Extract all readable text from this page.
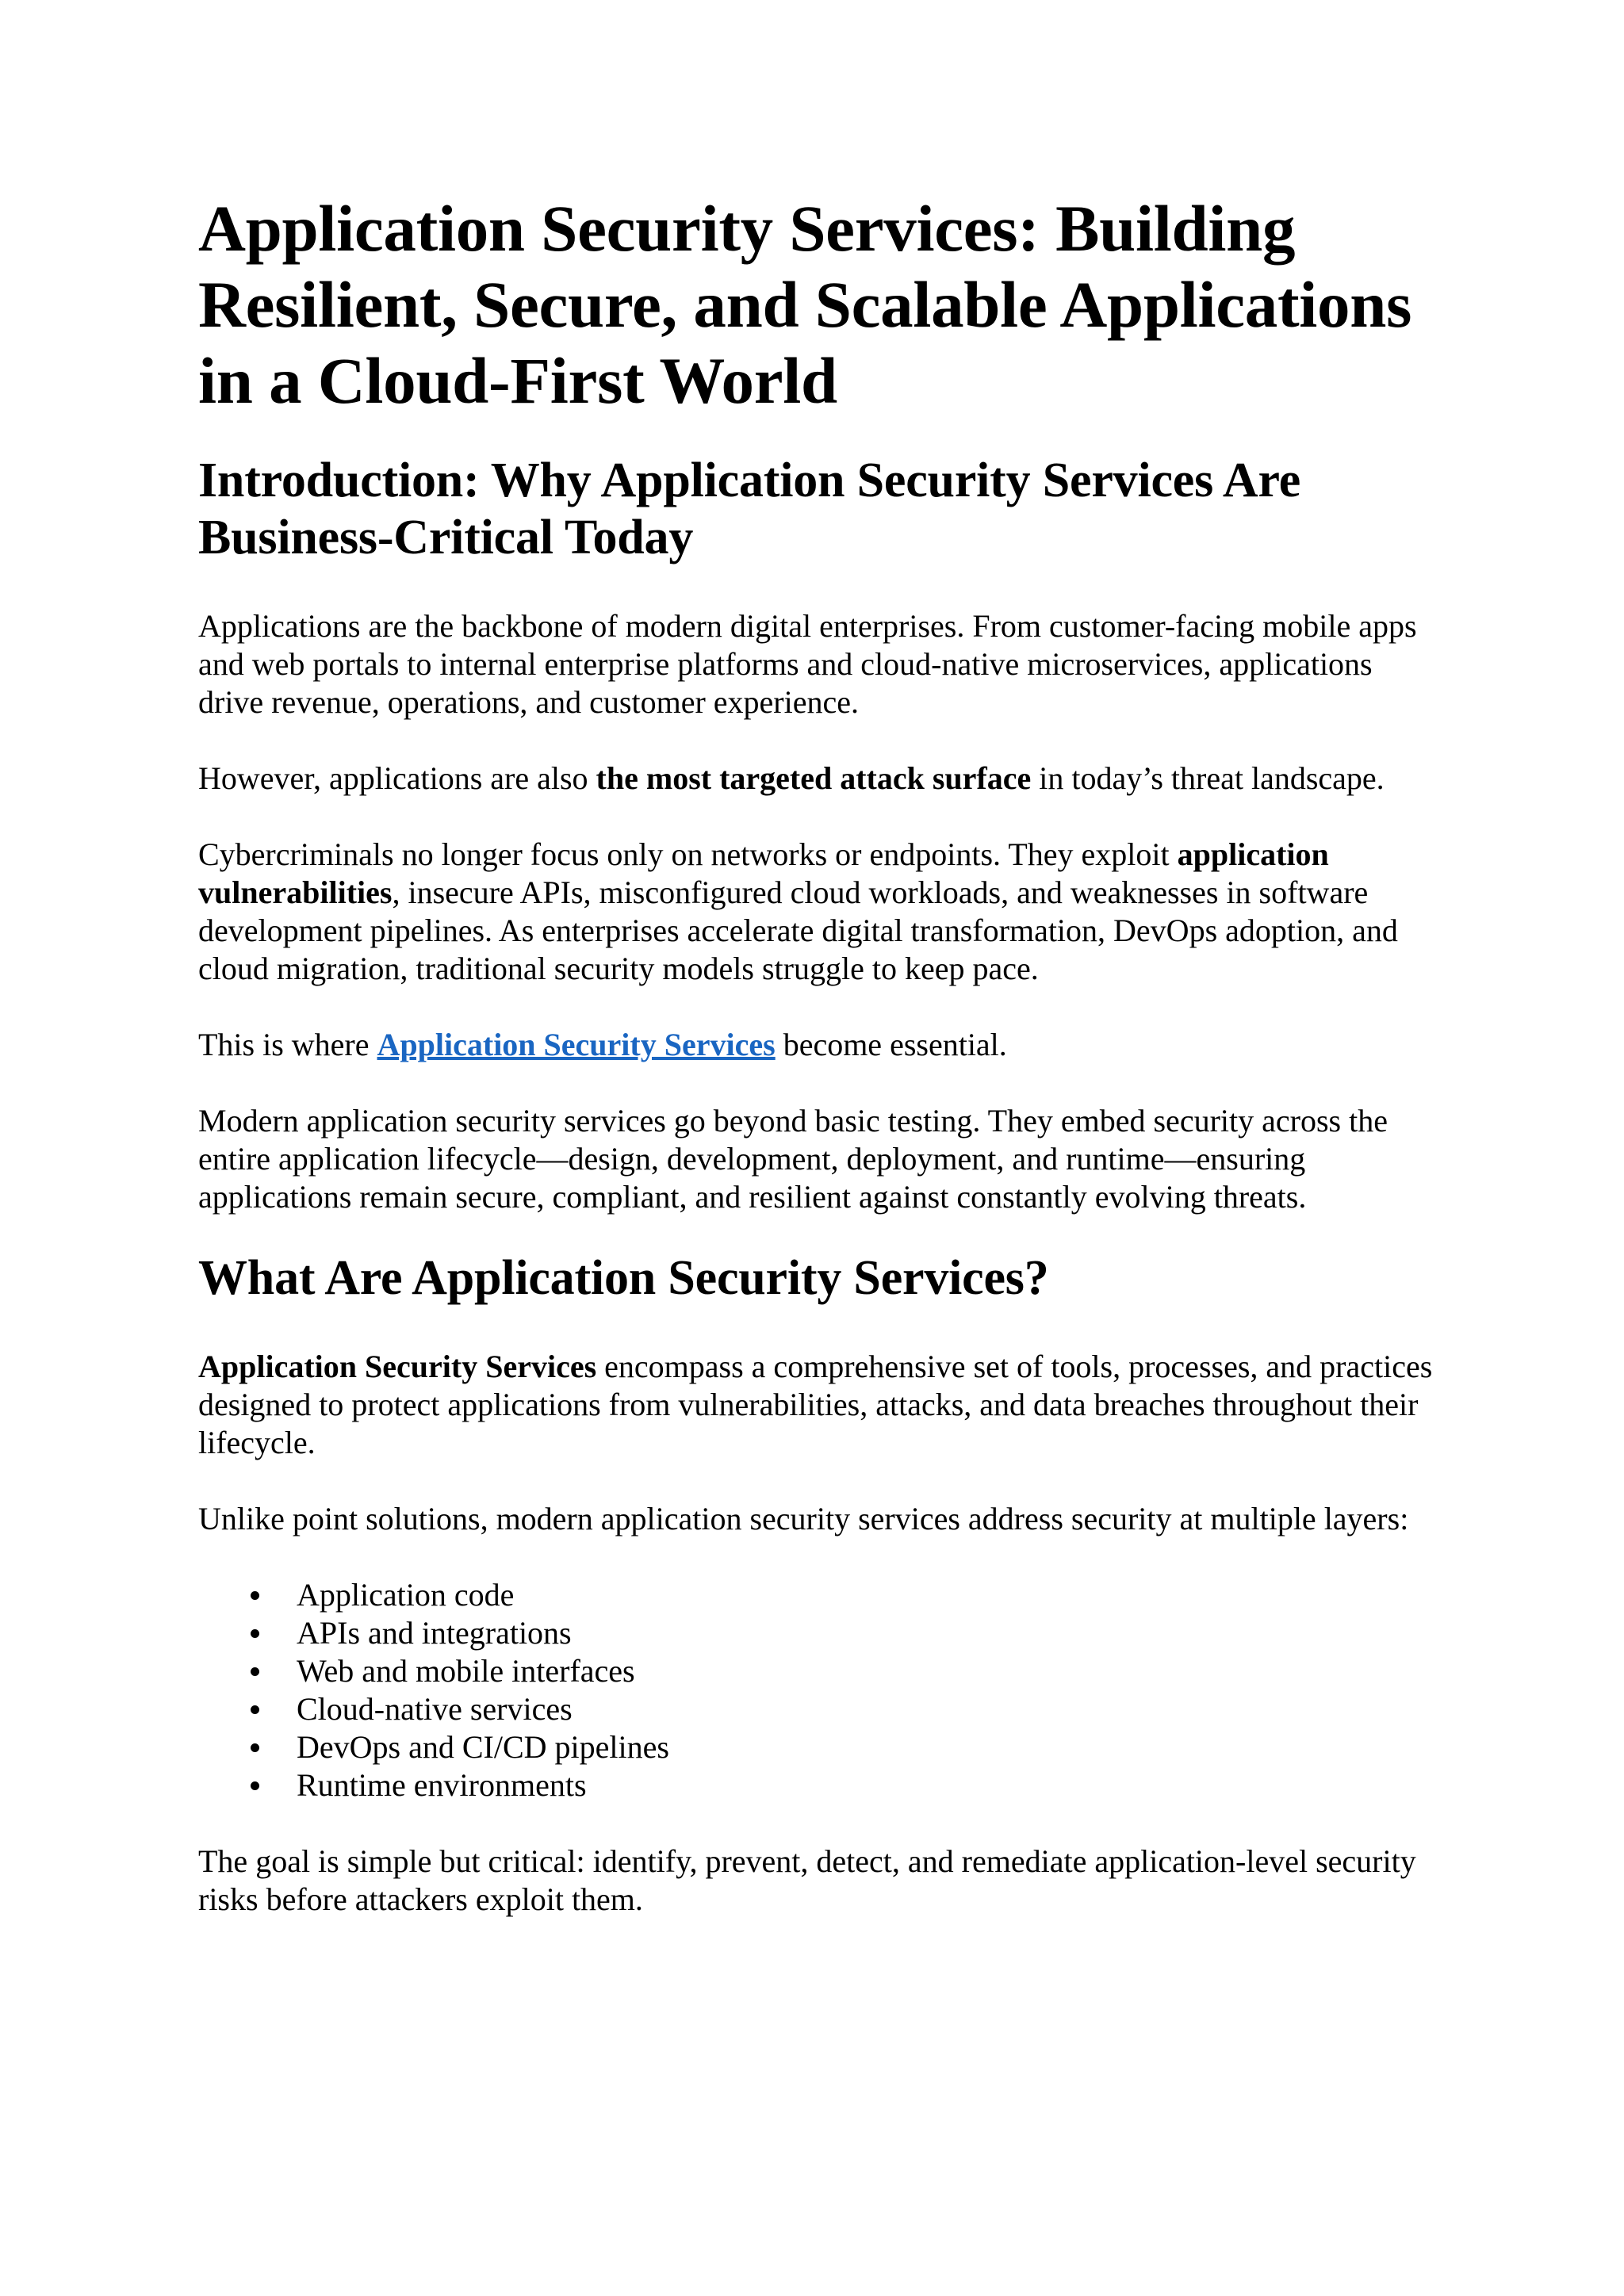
Application Security Services: Building Resilient, Secure, and Scalable Applications in a Cloud-First World
Introduction: Why Application Security Services Are Business-Critical Today

Applications are the backbone of modern digital enterprises. From customer-facing mobile apps and web portals to internal enterprise platforms and cloud-native microservices, applications drive revenue, operations, and customer experience.

However, applications are also the most targeted attack surface in today’s threat landscape.

Cybercriminals no longer focus only on networks or endpoints. They exploit application vulnerabilities, insecure APIs, misconfigured cloud workloads, and weaknesses in software development pipelines. As enterprises accelerate digital transformation, DevOps adoption, and cloud migration, traditional security models struggle to keep pace.

This is where Application Security Services become essential.

Modern application security services go beyond basic testing. They embed security across the entire application lifecycle—design, development, deployment, and runtime—ensuring applications remain secure, compliant, and resilient against constantly evolving threats.

What Are Application Security Services?

Application Security Services encompass a comprehensive set of tools, processes, and practices designed to protect applications from vulnerabilities, attacks, and data breaches throughout their lifecycle.

Unlike point solutions, modern application security services address security at multiple layers:

Application code
APIs and integrations
Web and mobile interfaces
Cloud-native services
DevOps and CI/CD pipelines
Runtime environments

The goal is simple but critical: identify, prevent, detect, and remediate application-level security risks before attackers exploit them.
